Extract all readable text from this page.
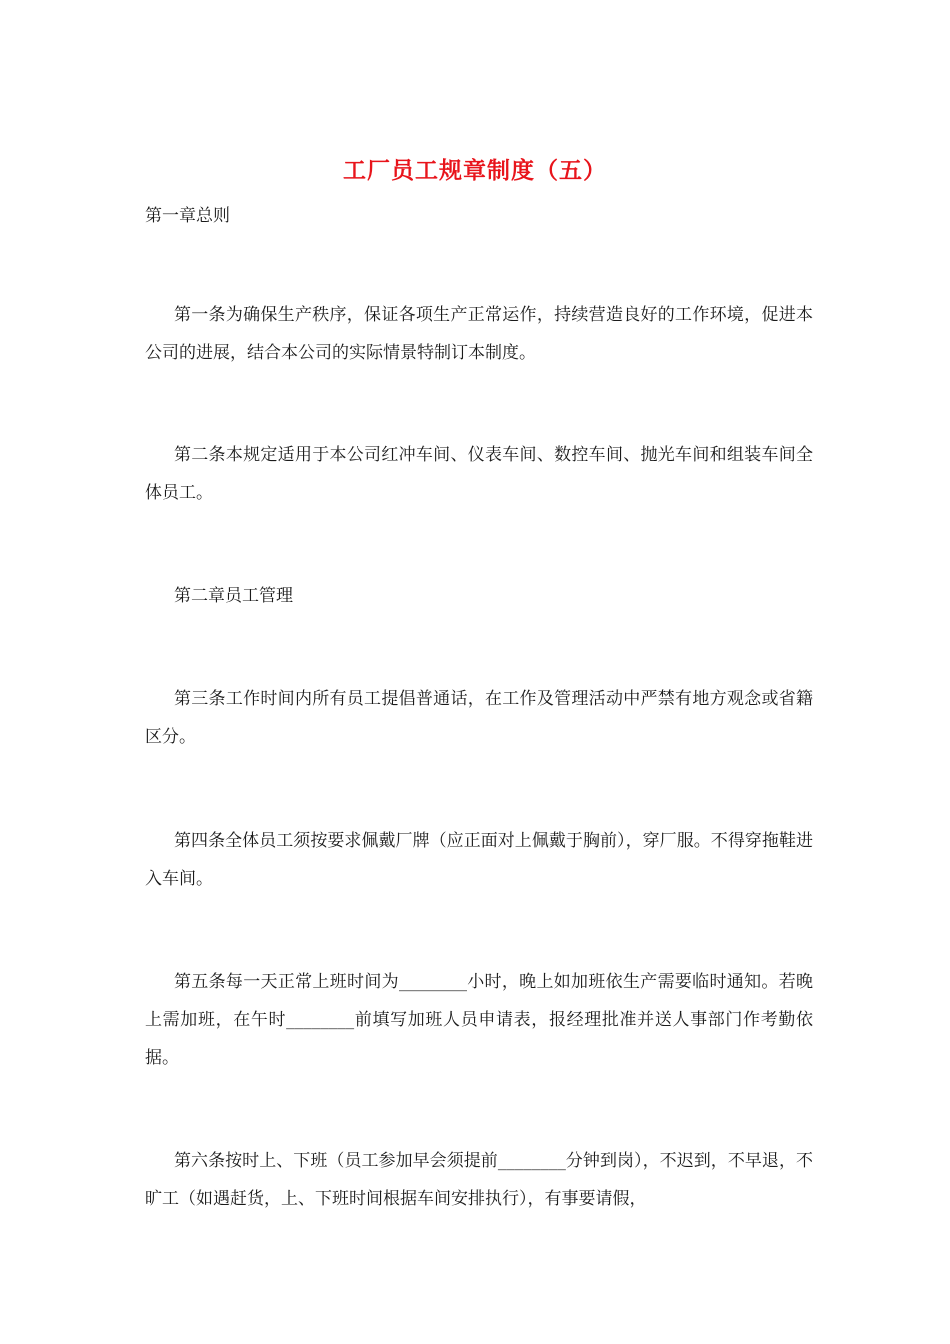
工厂员工规章制度（五）
第一章总则
第一条为确保生产秩序，保证各项生产正常运作，持续营造良好的工作环境，促进本公司的进展，结合本公司的实际情景特制订本制度。
第二条本规定适用于本公司红冲车间、仪表车间、数控车间、抛光车间和组装车间全体员工。
第二章员工管理
第三条工作时间内所有员工提倡普通话，在工作及管理活动中严禁有地方观念或省籍区分。
第四条全体员工须按要求佩戴厂牌（应正面对上佩戴于胸前），穿厂服。不得穿拖鞋进入车间。
第五条每一天正常上班时间为________小时，晚上如加班依生产需要临时通知。若晚上需加班，在午时________前填写加班人员申请表，报经理批准并送人事部门作考勤依据。
第六条按时上、下班（员工参加早会须提前________分钟到岗），不迟到，不早退，不旷工（如遇赶货，上、下班时间根据车间安排执行），有事要请假，
